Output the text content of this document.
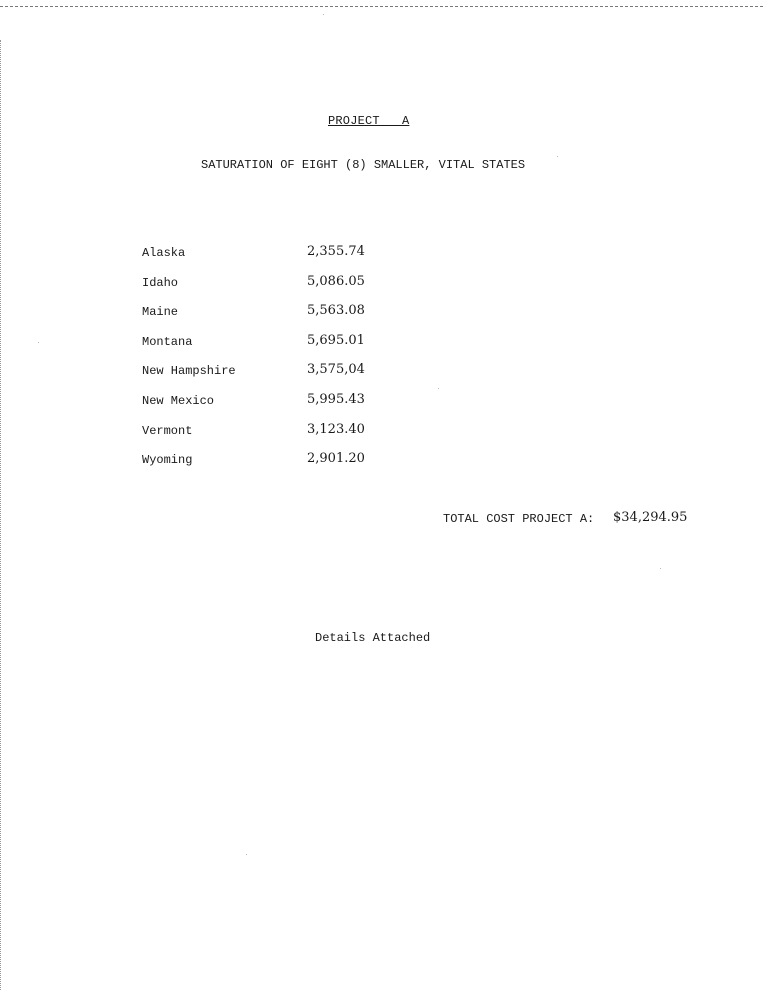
PROJECT   A
SATURATION OF EIGHT (8) SMALLER, VITAL STATES
Alaska	2,355.74
Idaho	5,086.05
Maine	5,563.08
Montana	5,695.01
New Hampshire	3,575,04
New Mexico	5,995.43
Vermont	3,123.40
Wyoming	2,901.20
TOTAL COST PROJECT A: $34,294.95
Details Attached
